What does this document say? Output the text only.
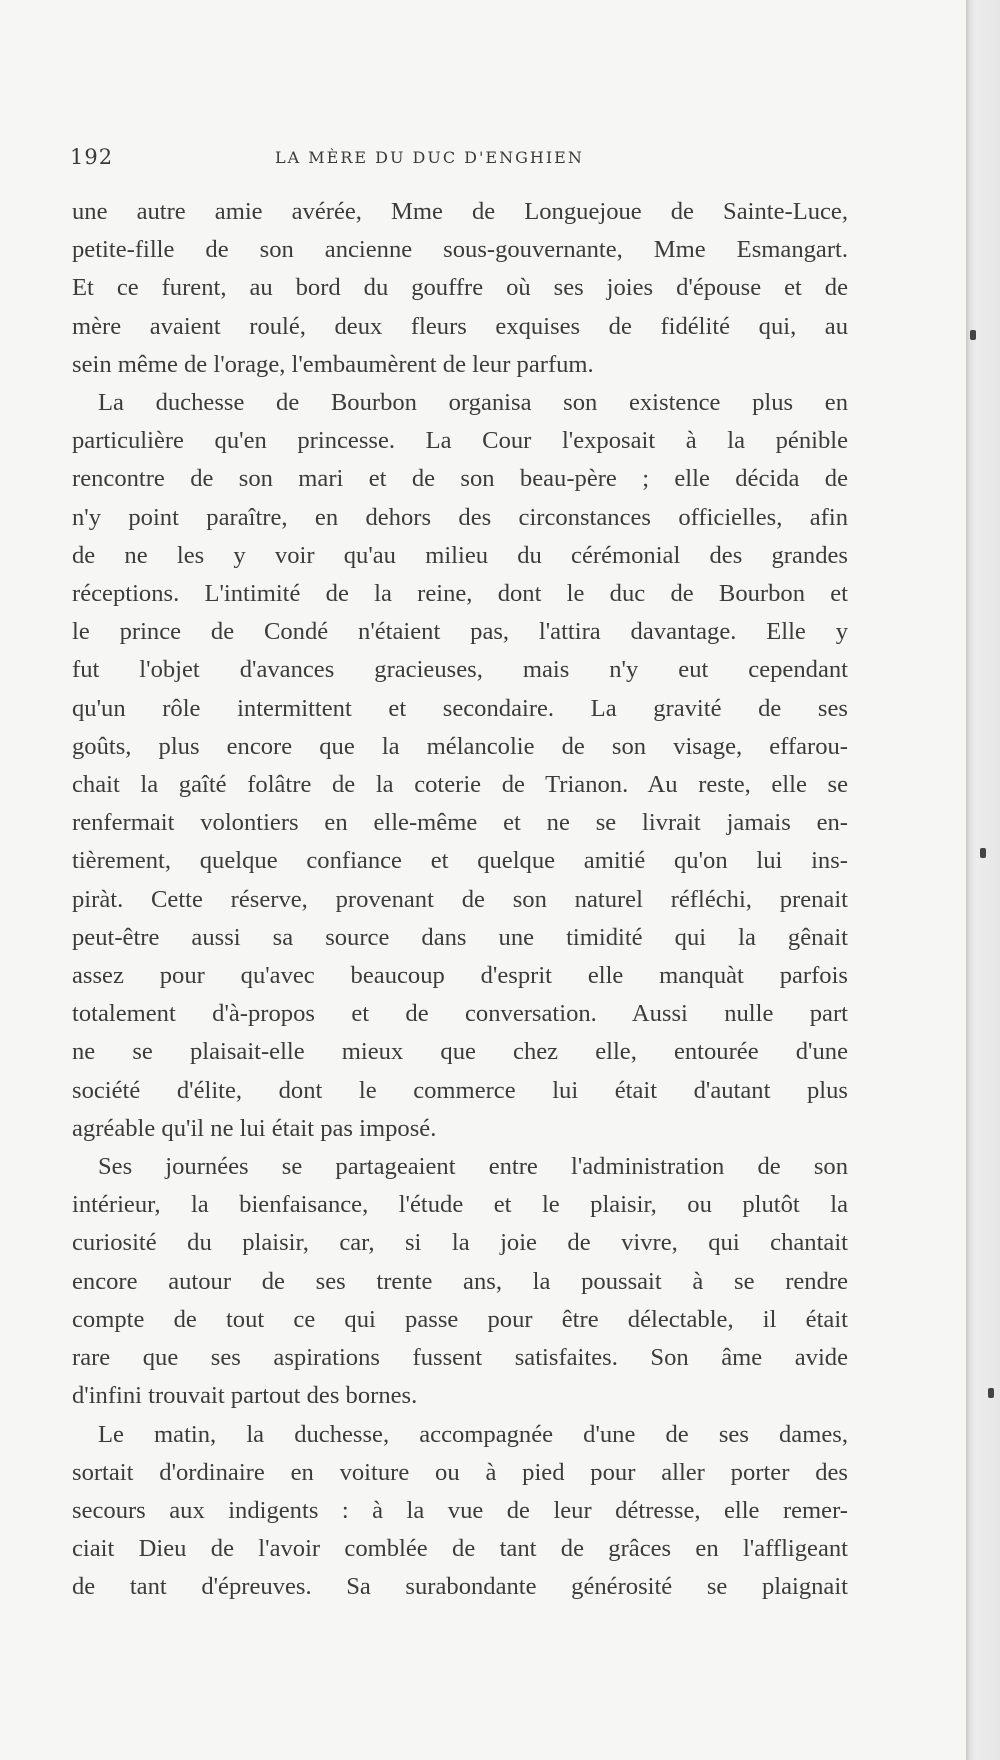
192	LA MÈRE DU DUC D'ENGHIEN
une autre amie avérée, Mme de Longuejoue de Sainte-Luce,
petite-fille de son ancienne sous-gouvernante, Mme Esmangart.
Et ce furent, au bord du gouffre où ses joies d'épouse et de
mère avaient roulé, deux fleurs exquises de fidélité qui, au
sein même de l'orage, l'embaumèrent de leur parfum.
La duchesse de Bourbon organisa son existence plus en
particulière qu'en princesse. La Cour l'exposait à la pénible
rencontre de son mari et de son beau-père ; elle décida de
n'y point paraître, en dehors des circonstances officielles, afin
de ne les y voir qu'au milieu du cérémonial des grandes
réceptions. L'intimité de la reine, dont le duc de Bourbon et
le prince de Condé n'étaient pas, l'attira davantage. Elle y
fut l'objet d'avances gracieuses, mais n'y eut cependant
qu'un rôle intermittent et secondaire. La gravité de ses
goûts, plus encore que la mélancolie de son visage, effarou-
chait la gaîté folâtre de la coterie de Trianon. Au reste, elle se
renfermait volontiers en elle-même et ne se livrait jamais en-
tièrement, quelque confiance et quelque amitié qu'on lui ins-
piràt. Cette réserve, provenant de son naturel réfléchi, prenait
peut-être aussi sa source dans une timidité qui la gênait
assez pour qu'avec beaucoup d'esprit elle manquàt parfois
totalement d'à-propos et de conversation. Aussi nulle part
ne se plaisait-elle mieux que chez elle, entourée d'une
société d'élite, dont le commerce lui était d'autant plus
agréable qu'il ne lui était pas imposé.
Ses journées se partageaient entre l'administration de son
intérieur, la bienfaisance, l'étude et le plaisir, ou plutôt la
curiosité du plaisir, car, si la joie de vivre, qui chantait
encore autour de ses trente ans, la poussait à se rendre
compte de tout ce qui passe pour être délectable, il était
rare que ses aspirations fussent satisfaites. Son âme avide
d'infini trouvait partout des bornes.
Le matin, la duchesse, accompagnée d'une de ses dames,
sortait d'ordinaire en voiture ou à pied pour aller porter des
secours aux indigents : à la vue de leur détresse, elle remer-
ciait Dieu de l'avoir comblée de tant de grâces en l'affligeant
de tant d'épreuves. Sa surabondante générosité se plaignait
